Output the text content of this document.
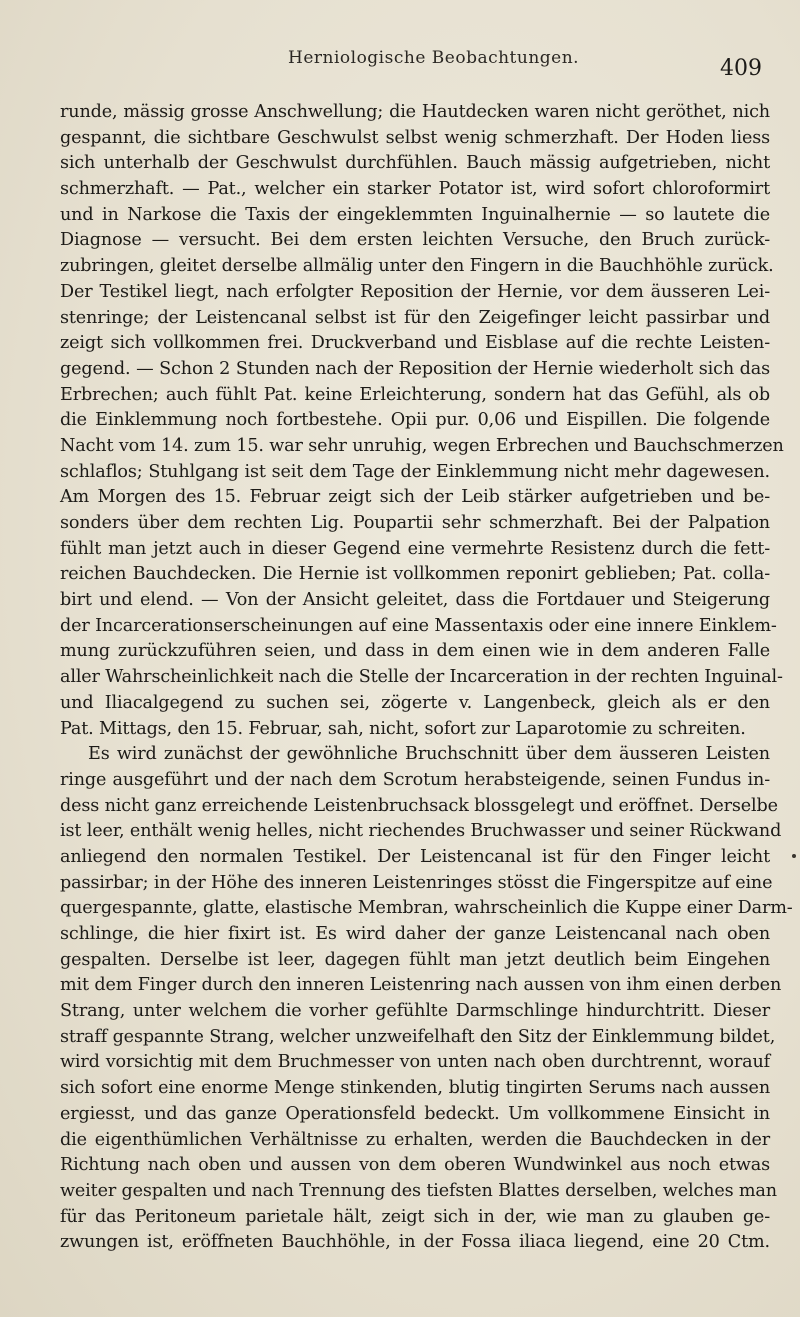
Herniologische Beobachtungen.	409
runde, mässig grosse Anschwellung; die Hautdecken waren nicht geröthet, nich
gespannt, die sichtbare Geschwulst selbst wenig schmerzhaft. Der Hoden liess
sich unterhalb der Geschwulst durchfühlen. Bauch mässig aufgetrieben, nicht
schmerzhaft. — Pat., welcher ein starker Potator ist, wird sofort chloroformirt
und in Narkose die Taxis der eingeklemmten Inguinalhernie — so lautete die
Diagnose — versucht. Bei dem ersten leichten Versuche, den Bruch zurück-
zubringen, gleitet derselbe allmälig unter den Fingern in die Bauchhöhle zurück.
Der Testikel liegt, nach erfolgter Reposition der Hernie, vor dem äusseren Lei-
stenringe; der Leistencanal selbst ist für den Zeigefinger leicht passirbar und
zeigt sich vollkommen frei. Druckverband und Eisblase auf die rechte Leisten-
gegend. — Schon 2 Stunden nach der Reposition der Hernie wiederholt sich das
Erbrechen; auch fühlt Pat. keine Erleichterung, sondern hat das Gefühl, als ob
die Einklemmung noch fortbestehe. Opii pur. 0,06 und Eispillen. Die folgende
Nacht vom 14. zum 15. war sehr unruhig, wegen Erbrechen und Bauchschmerzen
schlaflos; Stuhlgang ist seit dem Tage der Einklemmung nicht mehr dagewesen.
Am Morgen des 15. Februar zeigt sich der Leib stärker aufgetrieben und be-
sonders über dem rechten Lig. Poupartii sehr schmerzhaft. Bei der Palpation
fühlt man jetzt auch in dieser Gegend eine vermehrte Resistenz durch die fett-
reichen Bauchdecken. Die Hernie ist vollkommen reponirt geblieben; Pat. colla-
birt und elend. — Von der Ansicht geleitet, dass die Fortdauer und Steigerung
der Incarcerationserscheinungen auf eine Massentaxis oder eine innere Einklem-
mung zurückzuführen seien, und dass in dem einen wie in dem anderen Falle
aller Wahrscheinlichkeit nach die Stelle der Incarceration in der rechten Inguinal-
und Iliacalgegend zu suchen sei, zögerte v. Langenbeck, gleich als er den
Pat. Mittags, den 15. Februar, sah, nicht, sofort zur Laparotomie zu schreiten.
Es wird zunächst der gewöhnliche Bruchschnitt über dem äusseren Leisten
ringe ausgeführt und der nach dem Scrotum herabsteigende, seinen Fundus in-
dess nicht ganz erreichende Leistenbruchsack blossgelegt und eröffnet. Derselbe
ist leer, enthält wenig helles, nicht riechendes Bruchwasser und seiner Rückwand
anliegend den normalen Testikel. Der Leistencanal ist für den Finger leicht
passirbar; in der Höhe des inneren Leistenringes stösst die Fingerspitze auf eine
quergespannte, glatte, elastische Membran, wahrscheinlich die Kuppe einer Darm-
schlinge, die hier fixirt ist. Es wird daher der ganze Leistencanal nach oben
gespalten. Derselbe ist leer, dagegen fühlt man jetzt deutlich beim Eingehen
mit dem Finger durch den inneren Leistenring nach aussen von ihm einen derben
Strang, unter welchem die vorher gefühlte Darmschlinge hindurchtritt. Dieser
straff gespannte Strang, welcher unzweifelhaft den Sitz der Einklemmung bildet,
wird vorsichtig mit dem Bruchmesser von unten nach oben durchtrennt, worauf
sich sofort eine enorme Menge stinkenden, blutig tingirten Serums nach aussen
ergiesst, und das ganze Operationsfeld bedeckt. Um vollkommene Einsicht in
die eigenthümlichen Verhältnisse zu erhalten, werden die Bauchdecken in der
Richtung nach oben und aussen von dem oberen Wundwinkel aus noch etwas
weiter gespalten und nach Trennung des tiefsten Blattes derselben, welches man
für das Peritoneum parietale hält, zeigt sich in der, wie man zu glauben ge-
zwungen ist, eröffneten Bauchhöhle, in der Fossa iliaca liegend, eine 20 Ctm.
